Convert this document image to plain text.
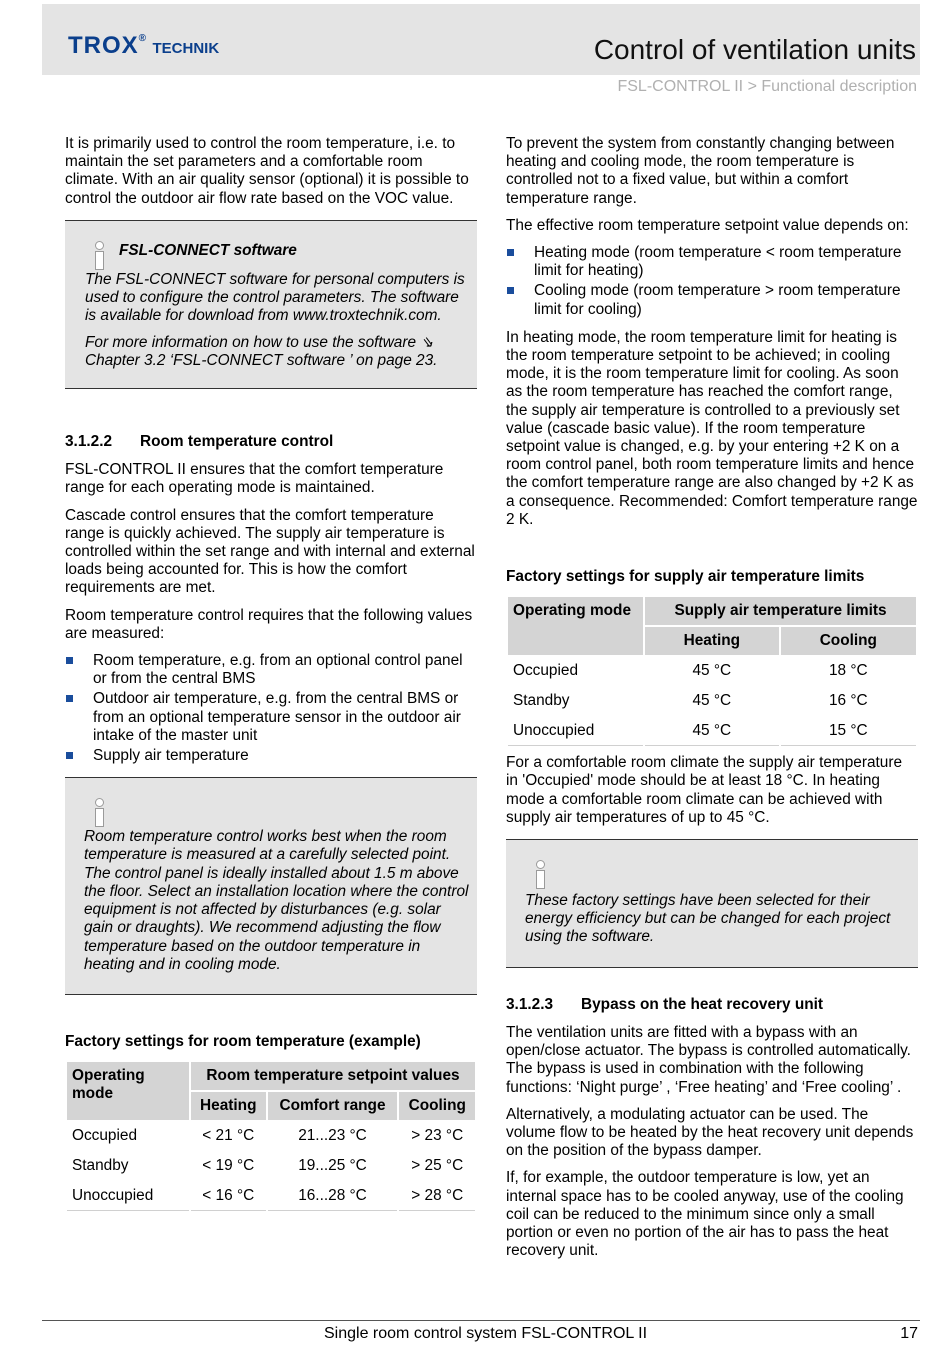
TROX® TECHNIK	Control of ventilation units
FSL-CONTROL II > Functional description

It is primarily used to control the room temperature, i.e. to maintain the set parameters and a comfortable room climate. With an air quality sensor (optional) it is possible to control the outdoor air flow rate based on the VOC value.

FSL-CONNECT software

The FSL-CONNECT software for personal computers is used to configure the control parameters. The software is available for download from www.troxtechnik.com.

For more information on how to use the software ⇘ Chapter 3.2 ‘FSL-CONNECT software ’ on page 23.

3.1.2.2 Room temperature control

FSL-CONTROL II ensures that the comfort temperature range for each operating mode is maintained.

Cascade control ensures that the comfort temperature range is quickly achieved. The supply air temperature is controlled within the set range and with internal and external loads being accounted for. This is how the comfort requirements are met.

Room temperature control requires that the following values are measured:

Room temperature, e.g. from an optional control panel or from the central BMS
Outdoor air temperature, e.g. from the central BMS or from an optional temperature sensor in the outdoor air intake of the master unit
Supply air temperature

Room temperature control works best when the room temperature is measured at a carefully selected point. The control panel is ideally installed about 1.5 m above the floor. Select an installation location where the control equipment is not affected by disturbances (e.g. solar gain or draughts). We recommend adjusting the flow temperature based on the outdoor temperature in heating and in cooling mode.

Factory settings for room temperature (example)

Operating mode	Room temperature setpoint values		
	Heating	Comfort range	Cooling
Occupied	< 21 °C	21...23 °C	> 23 °C
Standby	< 19 °C	19...25 °C	> 25 °C
Unoccupied	< 16 °C	16...28 °C	> 28 °C

To prevent the system from constantly changing between heating and cooling mode, the room temperature is controlled not to a fixed value, but within a comfort temperature range.

The effective room temperature setpoint value depends on:

Heating mode (room temperature < room temperature limit for heating)
Cooling mode (room temperature > room temperature limit for cooling)

In heating mode, the room temperature limit for heating is the room temperature setpoint to be achieved; in cooling mode, it is the room temperature limit for cooling. As soon as the room temperature has reached the comfort range, the supply air temperature is controlled to a previously set value (cascade basic value). If the room temperature setpoint value is changed, e.g. by your entering +2 K on a room control panel, both room temperature limits and hence the comfort temperature range are also changed by +2 K as a consequence. Recommended: Comfort temperature range 2 K.

Factory settings for supply air temperature limits

Operating mode	Supply air temperature limits	
	Heating	Cooling
Occupied	45 °C	18 °C
Standby	45 °C	16 °C
Unoccupied	45 °C	15 °C

For a comfortable room climate the supply air temperature in 'Occupied' mode should be at least 18 °C. In heating mode a comfortable room climate can be achieved with supply air temperatures of up to 45 °C.

These factory settings have been selected for their energy efficiency but can be changed for each project using the software.

3.1.2.3 Bypass on the heat recovery unit

The ventilation units are fitted with a bypass with an open/close actuator. The bypass is controlled automatically. The bypass is used in combination with the following functions: ‘Night purge’ , ‘Free heating’ and ‘Free cooling’ .

Alternatively, a modulating actuator can be used. The volume flow to be heated by the heat recovery unit depends on the position of the bypass damper.

If, for example, the outdoor temperature is low, yet an internal space has to be cooled anyway, use of the cooling coil can be reduced to the minimum since only a small portion or even no portion of the air has to pass the heat recovery unit.

Single room control system FSL-CONTROL II	17
